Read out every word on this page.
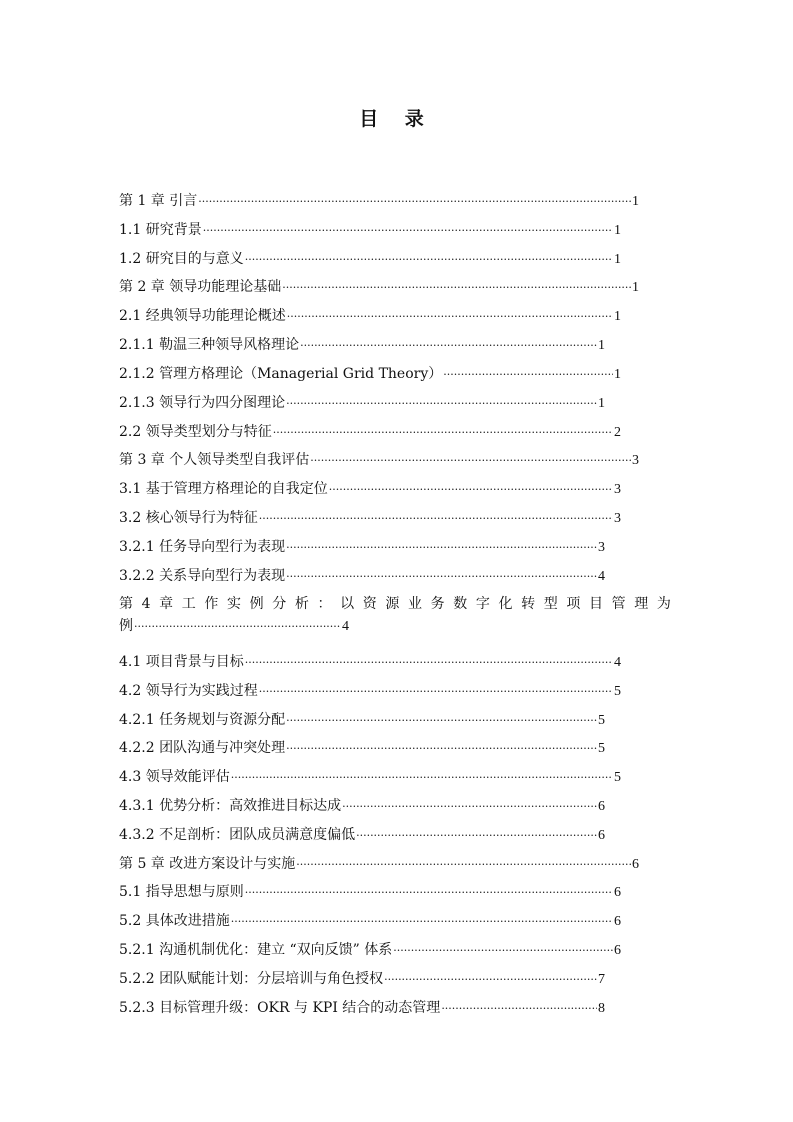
目 录
第 1 章 引言 ·····	1
1.1 研究背景 ·····	1
1.2 研究目的与意义 ·····	1
第 2 章 领导功能理论基础 ·····	1
2.1 经典领导功能理论概述 ·····	1
2.1.1 勒温三种领导风格理论 ·····	1
2.1.2 管理方格理论（Managerial Grid Theory） ·····	1
2.1.3 领导行为四分图理论 ·····	1
2.2 领导类型划分与特征 ·····	2
第 3 章 个人领导类型自我评估 ·····	3
3.1 基于管理方格理论的自我定位 ·····	3
3.2 核心领导行为特征 ·····	3
3.2.1 任务导向型行为表现 ·····	3
3.2.2 关系导向型行为表现 ·····	4
第 4 章 工 作 实 例 分 析 ： 以 资 源 业 务 数 字 化 转 型 项 目 管 理 为
例 ·····	4
4.1 项目背景与目标 ·····	4
4.2 领导行为实践过程 ·····	5
4.2.1 任务规划与资源分配 ·····	5
4.2.2 团队沟通与冲突处理 ·····	5
4.3 领导效能评估 ·····	5
4.3.1 优势分析：高效推进目标达成 ·····	6
4.3.2 不足剖析：团队成员满意度偏低 ·····	6
第 5 章 改进方案设计与实施 ·····	6
5.1 指导思想与原则 ·····	6
5.2 具体改进措施 ·····	6
5.2.1 沟通机制优化：建立 “双向反馈” 体系 ·····	6
5.2.2 团队赋能计划：分层培训与角色授权 ·····	7
5.2.3 目标管理升级：OKR 与 KPI 结合的动态管理 ·····	8
